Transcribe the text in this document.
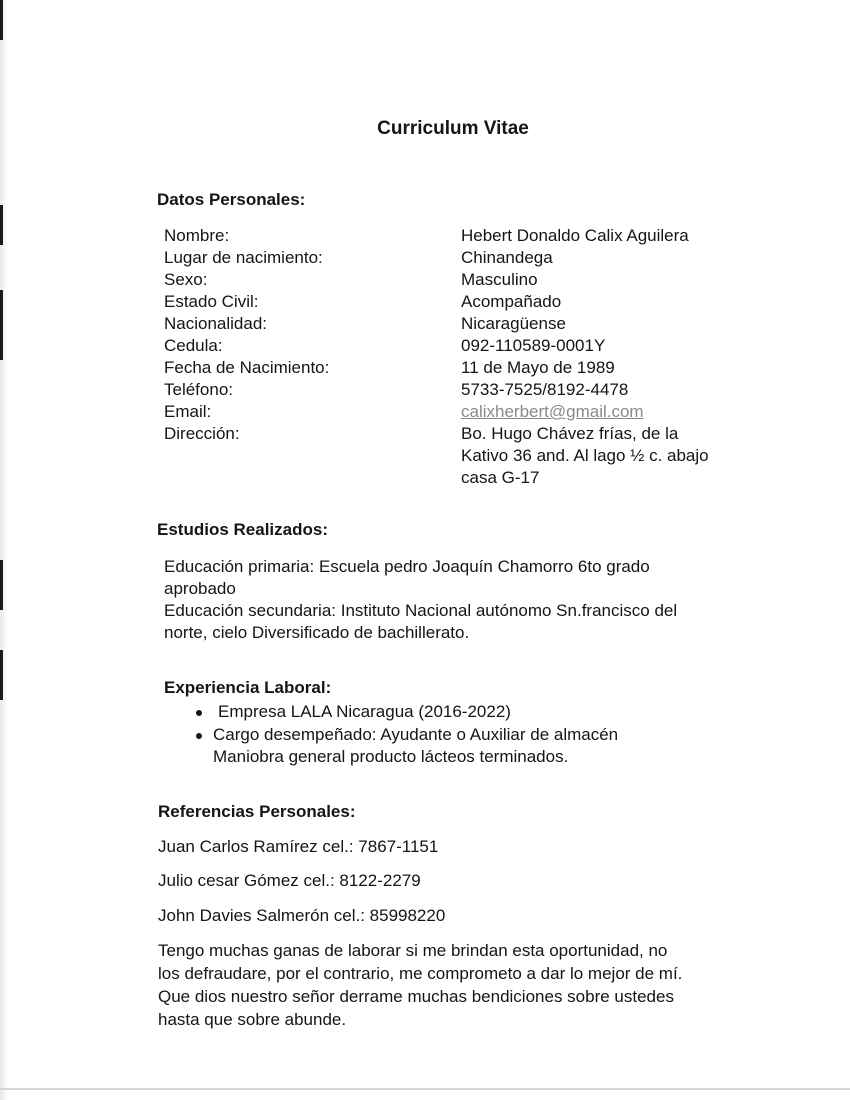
Curriculum Vitae
Datos Personales:
Nombre:	Hebert Donaldo Calix Aguilera
Lugar de nacimiento:	Chinandega
Sexo:	Masculino
Estado Civil:	Acompañado
Nacionalidad:	Nicaragüense
Cedula:	092-110589-0001Y
Fecha de Nacimiento:	11 de Mayo de 1989
Teléfono:	5733-7525/8192-4478
Email:	calixherbert@gmail.com
Dirección:	Bo. Hugo Chávez frías, de la
Kativo 36 and. Al lago ½ c. abajo
casa G-17
Estudios Realizados:
Educación primaria: Escuela pedro Joaquín Chamorro 6to grado
aprobado
Educación secundaria: Instituto Nacional autónomo Sn.francisco del
norte, cielo Diversificado de bachillerato.
Experiencia Laboral:
Empresa LALA Nicaragua (2016-2022)
Cargo desempeñado: Ayudante o Auxiliar de almacén
Maniobra general producto lácteos terminados.
Referencias Personales:
Juan Carlos Ramírez cel.: 7867-1151
Julio cesar Gómez cel.: 8122-2279
John Davies Salmerón cel.: 85998220
Tengo muchas ganas de laborar si me brindan esta oportunidad, no
los defraudare, por el contrario, me comprometo a dar lo mejor de mí.
Que dios nuestro señor derrame muchas bendiciones sobre ustedes
hasta que sobre abunde.
